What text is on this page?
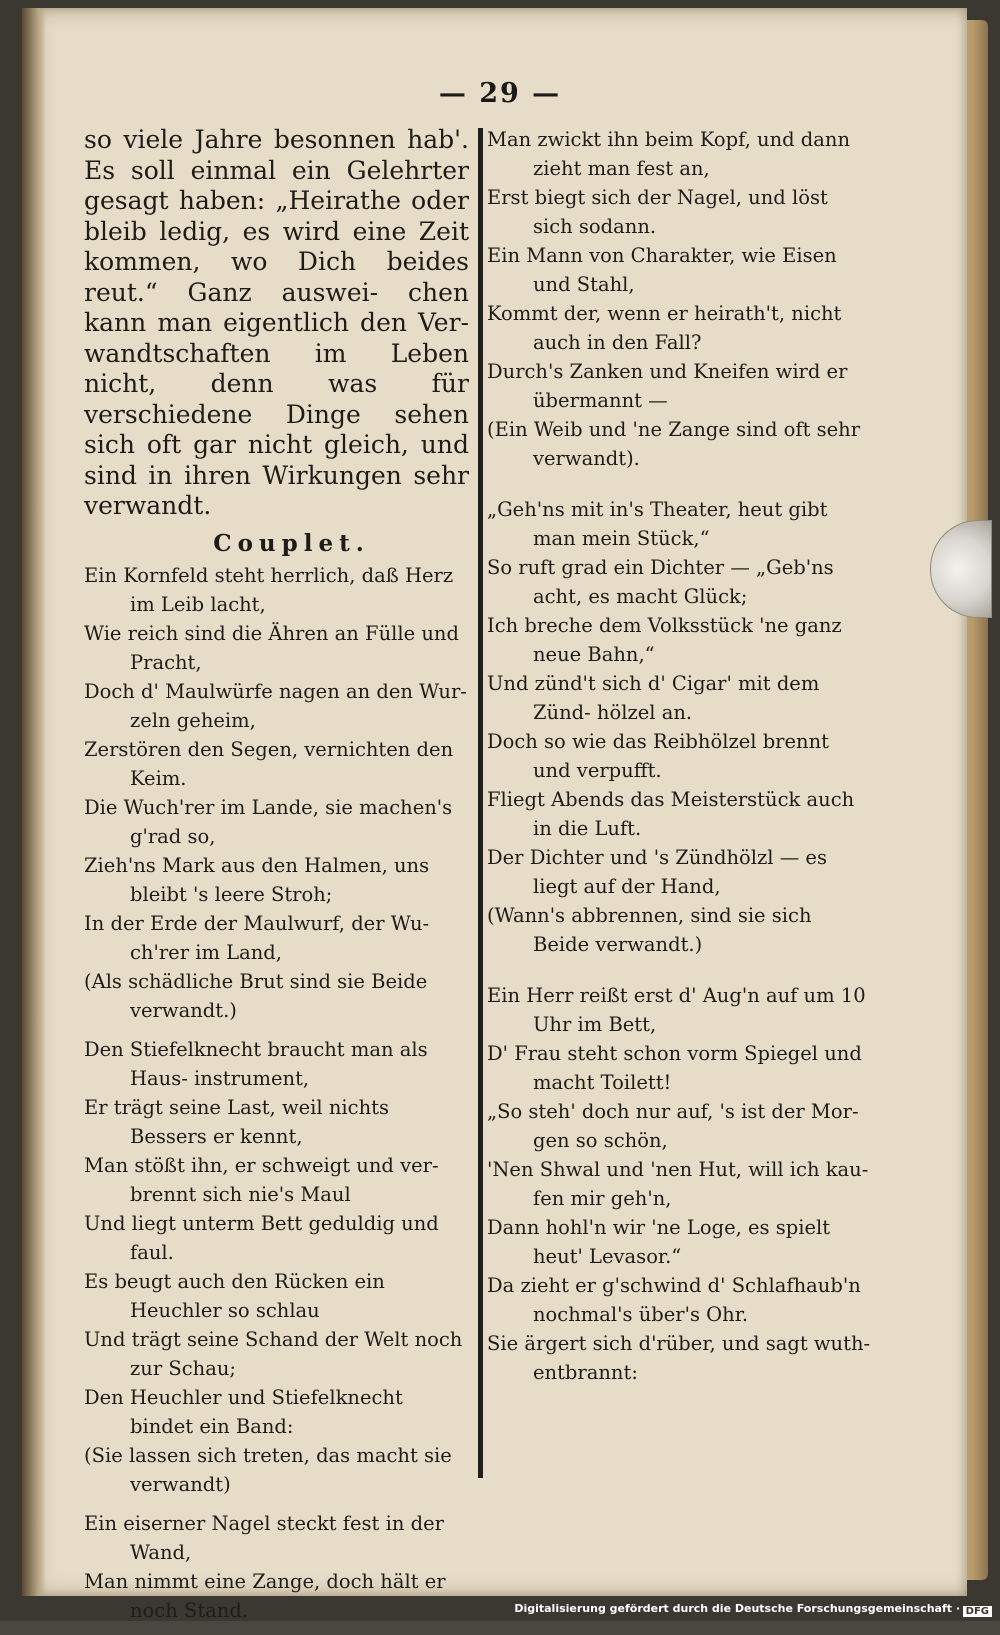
— 29 —

so viele Jahre besonnen hab'. Es soll einmal ein Gelehrter gesagt haben: „Heirathe oder bleib ledig, es wird eine Zeit kommen, wo Dich beides reut.“ Ganz auswei- chen kann man eigentlich den Ver- wandtschaften im Leben nicht, denn was für verschiedene Dinge sehen sich oft gar nicht gleich, und sind in ihren Wirkungen sehr verwandt.

Couplet.

Ein Kornfeld steht herrlich, daß Herz im Leib lacht,

Wie reich sind die Ähren an Fülle und Pracht,

Doch d' Maulwürfe nagen an den Wur- zeln geheim,

Zerstören den Segen, vernichten den Keim.

Die Wuch'rer im Lande, sie machen's g'rad so,

Zieh'ns Mark aus den Halmen, uns bleibt 's leere Stroh;

In der Erde der Maulwurf, der Wu- ch'rer im Land,

(Als schädliche Brut sind sie Beide verwandt.)

Den Stiefelknecht braucht man als Haus- instrument,

Er trägt seine Last, weil nichts Bessers er kennt,

Man stößt ihn, er schweigt und ver- brennt sich nie's Maul

Und liegt unterm Bett geduldig und faul.

Es beugt auch den Rücken ein Heuchler so schlau

Und trägt seine Schand der Welt noch zur Schau;

Den Heuchler und Stiefelknecht bindet ein Band:

(Sie lassen sich treten, das macht sie verwandt)

Ein eiserner Nagel steckt fest in der Wand,

Man nimmt eine Zange, doch hält er noch Stand.

Man zwickt ihn beim Kopf, und dann zieht man fest an,

Erst biegt sich der Nagel, und löst sich sodann.

Ein Mann von Charakter, wie Eisen und Stahl,

Kommt der, wenn er heirath't, nicht auch in den Fall?

Durch's Zanken und Kneifen wird er übermannt —

(Ein Weib und 'ne Zange sind oft sehr verwandt).

„Geh'ns mit in's Theater, heut gibt man mein Stück,“

So ruft grad ein Dichter — „Geb'ns acht, es macht Glück;

Ich breche dem Volksstück 'ne ganz neue Bahn,“

Und zünd't sich d' Cigar' mit dem Zünd- hölzel an.

Doch so wie das Reibhölzel brennt und verpufft.

Fliegt Abends das Meisterstück auch in die Luft.

Der Dichter und 's Zündhölzl — es liegt auf der Hand,

(Wann's abbrennen, sind sie sich Beide verwandt.)

Ein Herr reißt erst d' Aug'n auf um 10 Uhr im Bett,

D' Frau steht schon vorm Spiegel und macht Toilett!

„So steh' doch nur auf, 's ist der Mor- gen so schön,

'Nen Shwal und 'nen Hut, will ich kau- fen mir geh'n,

Dann hohl'n wir 'ne Loge, es spielt heut' Levasor.“

Da zieht er g'schwind d' Schlafhaub'n nochmal's über's Ohr.

Sie ärgert sich d'rüber, und sagt wuth- entbrannt:

Digitalisierung gefördert durch die Deutsche Forschungsgemeinschaft · DFG
